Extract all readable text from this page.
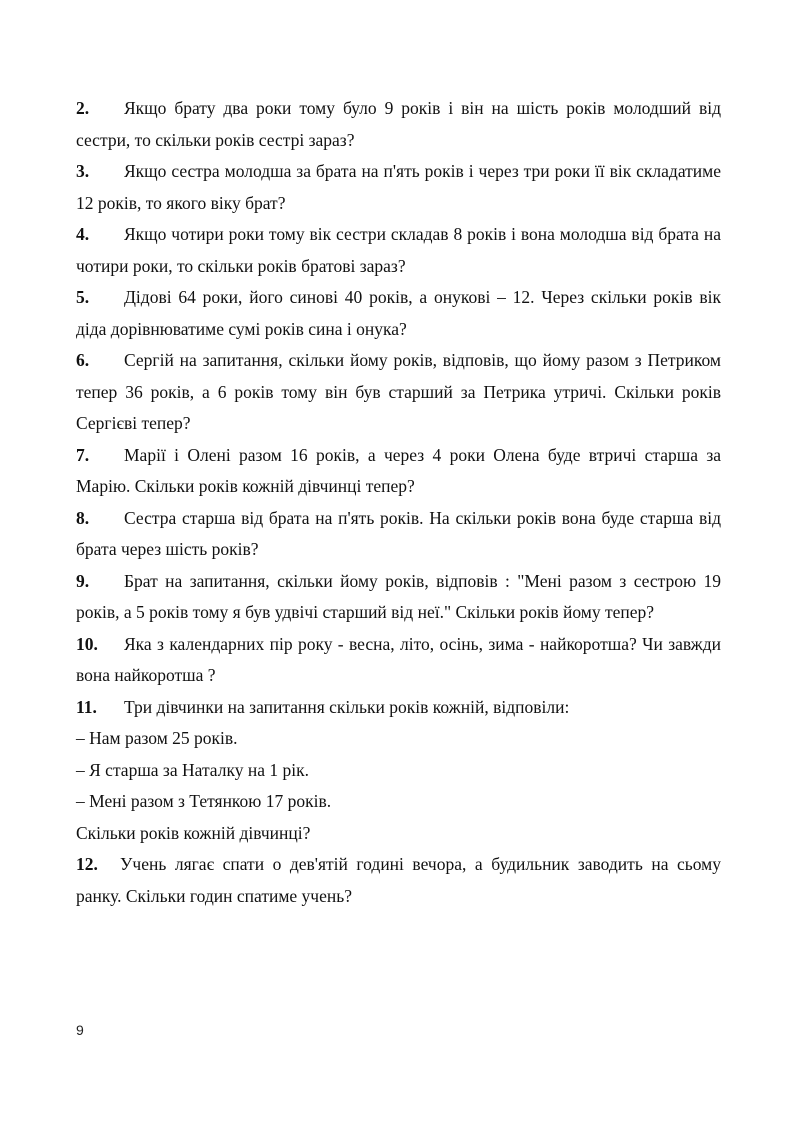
2. Якщо брату два роки тому було 9 років і він на шість років молодший від сестри, то скільки років сестрі зараз?

3. Якщо сестра молодша за брата на п'ять років і через три роки її вік складатиме 12 років, то якого віку брат?

4. Якщо чотири роки тому вік сестри складав 8 років і вона молодша від брата на чотири роки, то скільки років братові зараз?

5. Дідові 64 роки, його синові 40 років, а онукові – 12. Через скільки років вік діда дорівнюватиме сумі років сина і онука?

6. Сергій на запитання, скільки йому років, відповів, що йому разом з Петриком тепер 36 років, а 6 років тому він був старший за Петрика утричі. Скільки років Сергієві тепер?

7. Марії і Олені разом 16 років, а через 4 роки Олена буде втричі старша за Марію. Скільки років кожній дівчинці тепер?

8. Сестра старша від брата на п'ять років. На скільки років вона буде старша від брата через шість років?

9. Брат на запитання, скільки йому років, відповів : "Мені разом з сестрою 19 років, а 5 років тому я був удвічі старший від неї." Скільки років йому тепер?

10. Яка з календарних пір року - весна, літо, осінь, зима - найкоротша? Чи завжди вона найкоротша ?

11. Три дівчинки на запитання скільки років кожній, відповіли:

– Нам разом 25 років.

– Я старша за Наталку на 1 рік.

– Мені разом з Тетянкою 17 років.

Скільки років кожній дівчинці?

12. Учень лягає спати о дев'ятій годині вечора, а будильник заводить на сьому ранку. Скільки годин спатиме учень?

9
